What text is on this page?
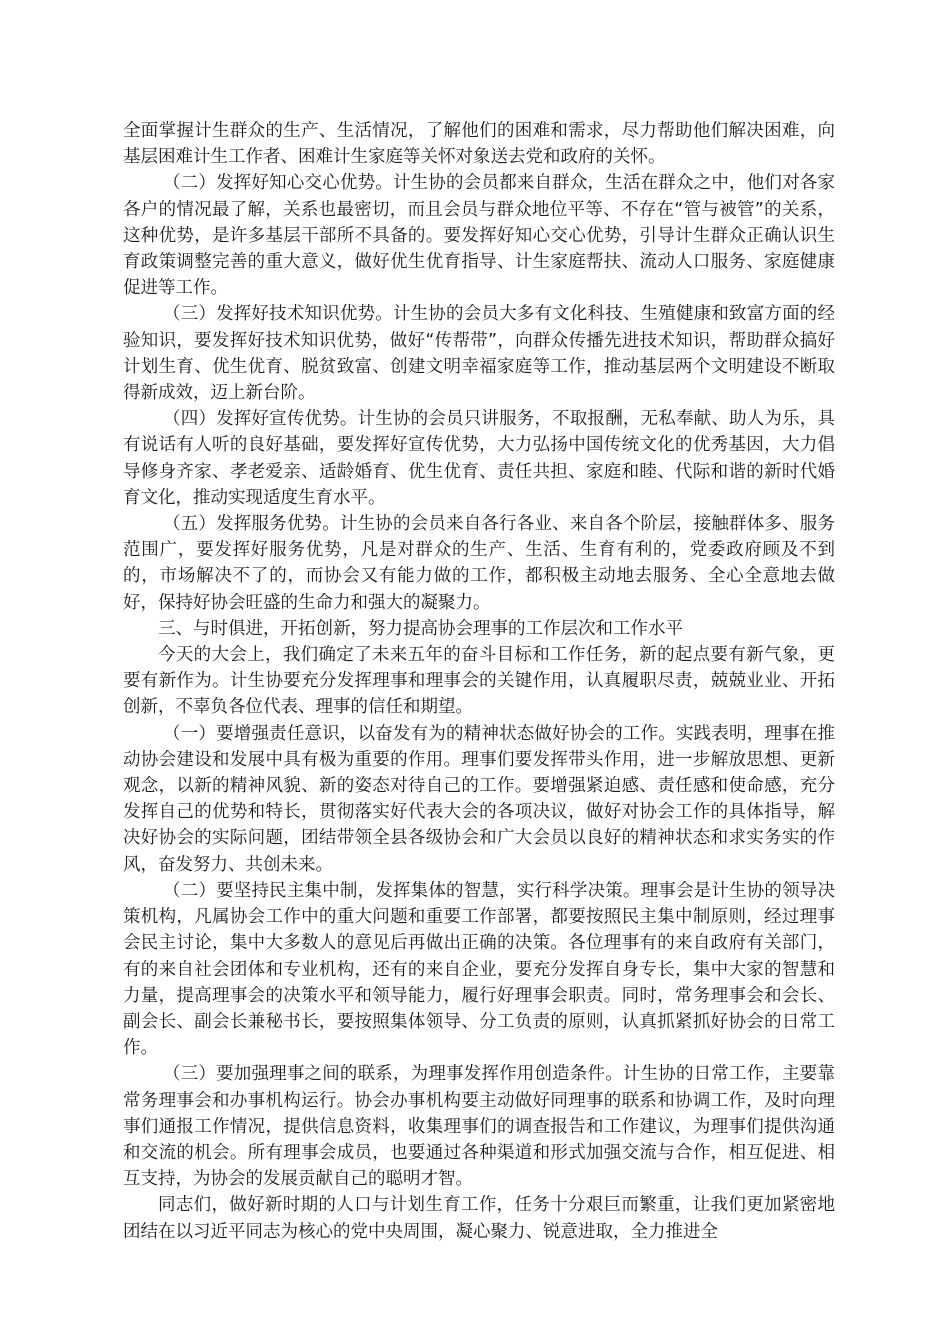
全面掌握计生群众的生产、生活情况，了解他们的困难和需求，尽力帮助他们解决困难，向基层困难计生工作者、困难计生家庭等关怀对象送去党和政府的关怀。

（二）发挥好知心交心优势。计生协的会员都来自群众，生活在群众之中，他们对各家各户的情况最了解，关系也最密切，而且会员与群众地位平等、不存在“管与被管”的关系，这种优势，是许多基层干部所不具备的。要发挥好知心交心优势，引导计生群众正确认识生育政策调整完善的重大意义，做好优生优育指导、计生家庭帮扶、流动人口服务、家庭健康促进等工作。

（三）发挥好技术知识优势。计生协的会员大多有文化科技、生殖健康和致富方面的经验知识，要发挥好技术知识优势，做好“传帮带”，向群众传播先进技术知识，帮助群众搞好计划生育、优生优育、脱贫致富、创建文明幸福家庭等工作，推动基层两个文明建设不断取得新成效，迈上新台阶。

（四）发挥好宣传优势。计生协的会员只讲服务，不取报酬，无私奉献、助人为乐，具有说话有人听的良好基础，要发挥好宣传优势，大力弘扬中国传统文化的优秀基因，大力倡导修身齐家、孝老爱亲、适龄婚育、优生优育、责任共担、家庭和睦、代际和谐的新时代婚育文化，推动实现适度生育水平。

（五）发挥服务优势。计生协的会员来自各行各业、来自各个阶层，接触群体多、服务范围广，要发挥好服务优势，凡是对群众的生产、生活、生育有利的，党委政府顾及不到的，市场解决不了的，而协会又有能力做的工作，都积极主动地去服务、全心全意地去做好，保持好协会旺盛的生命力和强大的凝聚力。

三、与时俱进，开拓创新，努力提高协会理事的工作层次和工作水平

今天的大会上，我们确定了未来五年的奋斗目标和工作任务，新的起点要有新气象，更要有新作为。计生协要充分发挥理事和理事会的关键作用，认真履职尽责，兢兢业业、开拓创新，不辜负各位代表、理事的信任和期望。

（一）要增强责任意识，以奋发有为的精神状态做好协会的工作。实践表明，理事在推动协会建设和发展中具有极为重要的作用。理事们要发挥带头作用，进一步解放思想、更新观念，以新的精神风貌、新的姿态对待自己的工作。要增强紧迫感、责任感和使命感，充分发挥自己的优势和特长，贯彻落实好代表大会的各项决议，做好对协会工作的具体指导，解决好协会的实际问题，团结带领全县各级协会和广大会员以良好的精神状态和求实务实的作风，奋发努力、共创未来。

（二）要坚持民主集中制，发挥集体的智慧，实行科学决策。理事会是计生协的领导决策机构，凡属协会工作中的重大问题和重要工作部署，都要按照民主集中制原则，经过理事会民主讨论，集中大多数人的意见后再做出正确的决策。各位理事有的来自政府有关部门，有的来自社会团体和专业机构，还有的来自企业，要充分发挥自身专长，集中大家的智慧和力量，提高理事会的决策水平和领导能力，履行好理事会职责。同时，常务理事会和会长、副会长、副会长兼秘书长，要按照集体领导、分工负责的原则，认真抓紧抓好协会的日常工作。

（三）要加强理事之间的联系，为理事发挥作用创造条件。计生协的日常工作，主要靠常务理事会和办事机构运行。协会办事机构要主动做好同理事的联系和协调工作，及时向理事们通报工作情况，提供信息资料，收集理事们的调查报告和工作建议，为理事们提供沟通和交流的机会。所有理事会成员，也要通过各种渠道和形式加强交流与合作，相互促进、相互支持，为协会的发展贡献自己的聪明才智。

同志们，做好新时期的人口与计划生育工作，任务十分艰巨而繁重，让我们更加紧密地团结在以习近平同志为核心的党中央周围，凝心聚力、锐意进取，全力推进全
